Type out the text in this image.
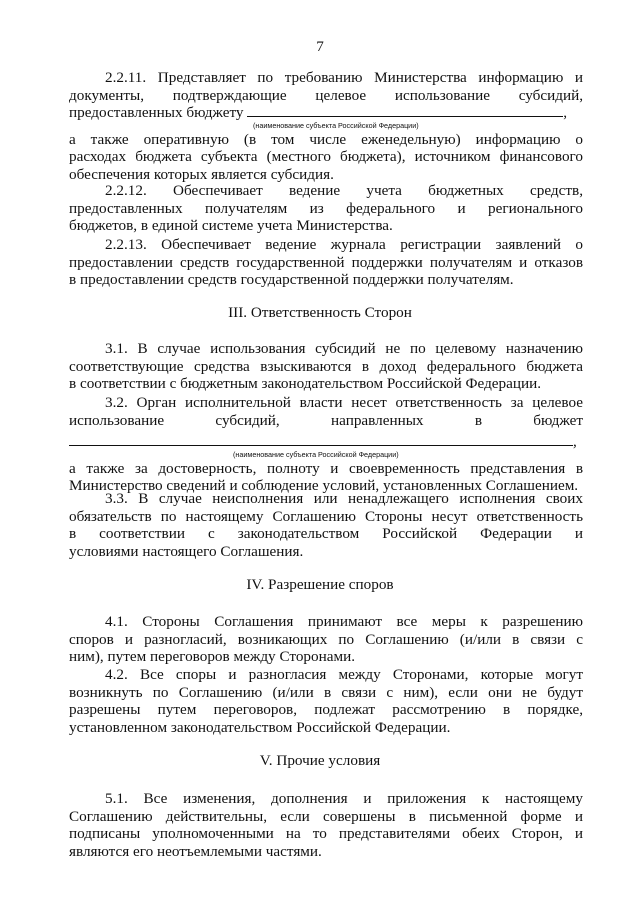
7
2.2.11. Представляет по требованию Министерства информацию и
документы, подтверждающие целевое использование субсидий,
предоставленных бюджету	,
(наименование субъекта Российской Федерации)
а также оперативную (в том числе еженедельную) информацию о
расходах бюджета субъекта (местного бюджета), источником финансового
обеспечения которых является субсидия.
2.2.12. Обеспечивает ведение учета бюджетных средств,
предоставленных получателям из федерального и регионального
бюджетов, в единой системе учета Министерства.
2.2.13. Обеспечивает ведение журнала регистрации заявлений о
предоставлении средств государственной поддержки получателям и отказов
в предоставлении средств государственной поддержки получателям.
III. Ответственность Сторон
3.1. В случае использования субсидий не по целевому назначению
соответствующие средства взыскиваются в доход федерального бюджета
в соответствии с бюджетным законодательством Российской Федерации.
3.2. Орган исполнительной власти несет ответственность за целевое
использование субсидий, направленных в бюджет
,
(наименование субъекта Российской Федерации)
а также за достоверность, полноту и своевременность представления в
Министерство сведений и соблюдение условий, установленных Соглашением.
3.3. В случае неисполнения или ненадлежащего исполнения своих
обязательств по настоящему Соглашению Стороны несут ответственность
в соответствии с законодательством Российской Федерации и
условиями настоящего Соглашения.
IV. Разрешение споров
4.1. Стороны Соглашения принимают все меры к разрешению
споров и разногласий, возникающих по Соглашению (и/или в связи с
ним), путем переговоров между Сторонами.
4.2. Все споры и разногласия между Сторонами, которые могут
возникнуть по Соглашению (и/или в связи с ним), если они не будут
разрешены путем переговоров, подлежат рассмотрению в порядке,
установленном законодательством Российской Федерации.
V. Прочие условия
5.1. Все изменения, дополнения и приложения к настоящему
Соглашению действительны, если совершены в письменной форме и
подписаны уполномоченными на то представителями обеих Сторон, и
являются его неотъемлемыми частями.
